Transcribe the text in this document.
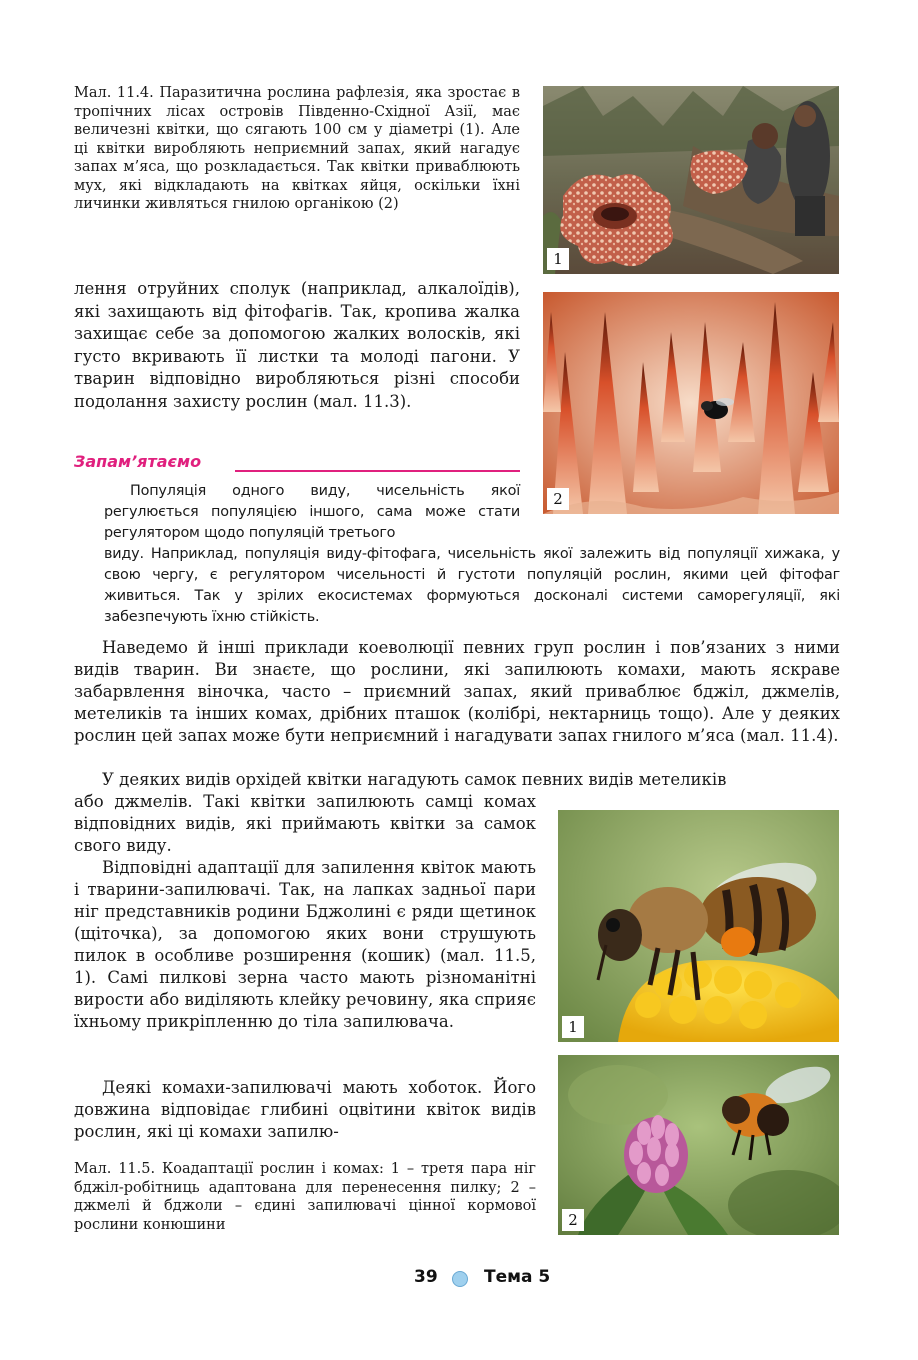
Мал. 11.4. Паразитична рослина рафлезія, яка зростає в тропічних лісах островів Південно-Східної Азії, має величезні квітки, що сягають 100 см у діаметрі (1). Але ці квітки виробляють неприємний запах, який нагадує запах м’яса, що розкладається. Так квітки приваблюють мух, які відкладають на квітках яйця, оскільки їхні личинки живляться гнилою органікою (2)
1
2
лення отруйних сполук (наприклад, алкалоїдів), які захищають від фітофагів. Так, кропива жалка захищає себе за допомогою жалких волосків, які густо вкривають її листки та молоді пагони. У тварин відповідно виробляються різні способи подолання захисту рослин (мал. 11.3).
Запам’ятаємо
Популяція одного виду, чисельність якої регулюється популяцією іншого, сама може стати регулятором щодо популяцій третього
виду. Наприклад, популяція виду-фітофага, чисельність якої залежить від популяції хижака, у свою чергу, є регулятором чисельності й густоти популяцій рослин, якими цей фітофаг живиться. Так у зрілих екосистемах формуються досконалі системи саморегуляції, які забезпечують їхню стійкість.
Наведемо й інші приклади коеволюції певних груп рослин і пов’язаних з ними видів тварин. Ви знаєте, що рослини, які запилюють комахи, мають яскраве забарвлення віночка, часто – приємний запах, який приваблює бджіл, джмелів, метеликів та інших комах, дрібних пташок (колібрі, нектарниць тощо). Але у деяких рослин цей запах може бути неприємний і нагадувати запах гнилого м’яса (мал. 11.4).
У деяких видів орхідей квітки нагадують самок певних видів метеликів
або джмелів. Такі квітки запилюють самці комах відповідних видів, які приймають квітки за самок свого виду.
Відповідні адаптації для запилення квіток мають і тварини-запилювачі. Так, на лапках задньої пари ніг представників родини Бджолині є ряди щетинок (щіточка), за допомогою яких вони струшують пилок в особливе розширення (кошик) (мал. 11.5, 1). Самі пилкові зерна часто мають різноманітні вирости або виділяють клейку речовину, яка сприяє їхньому прикріпленню до тіла запилювача.
Деякі комахи-запилювачі мають хоботок. Його довжина відповідає глибині оцвітини квіток видів рослин, які ці комахи запилю-
Мал. 11.5. Коадаптації рослин і комах: 1 – третя пара ніг бджіл-робітниць адаптована для перенесення пилку; 2 – джмелі й бджоли – єдині запилювачі цінної кормової рослини конюшини
1
2
39	Тема 5
